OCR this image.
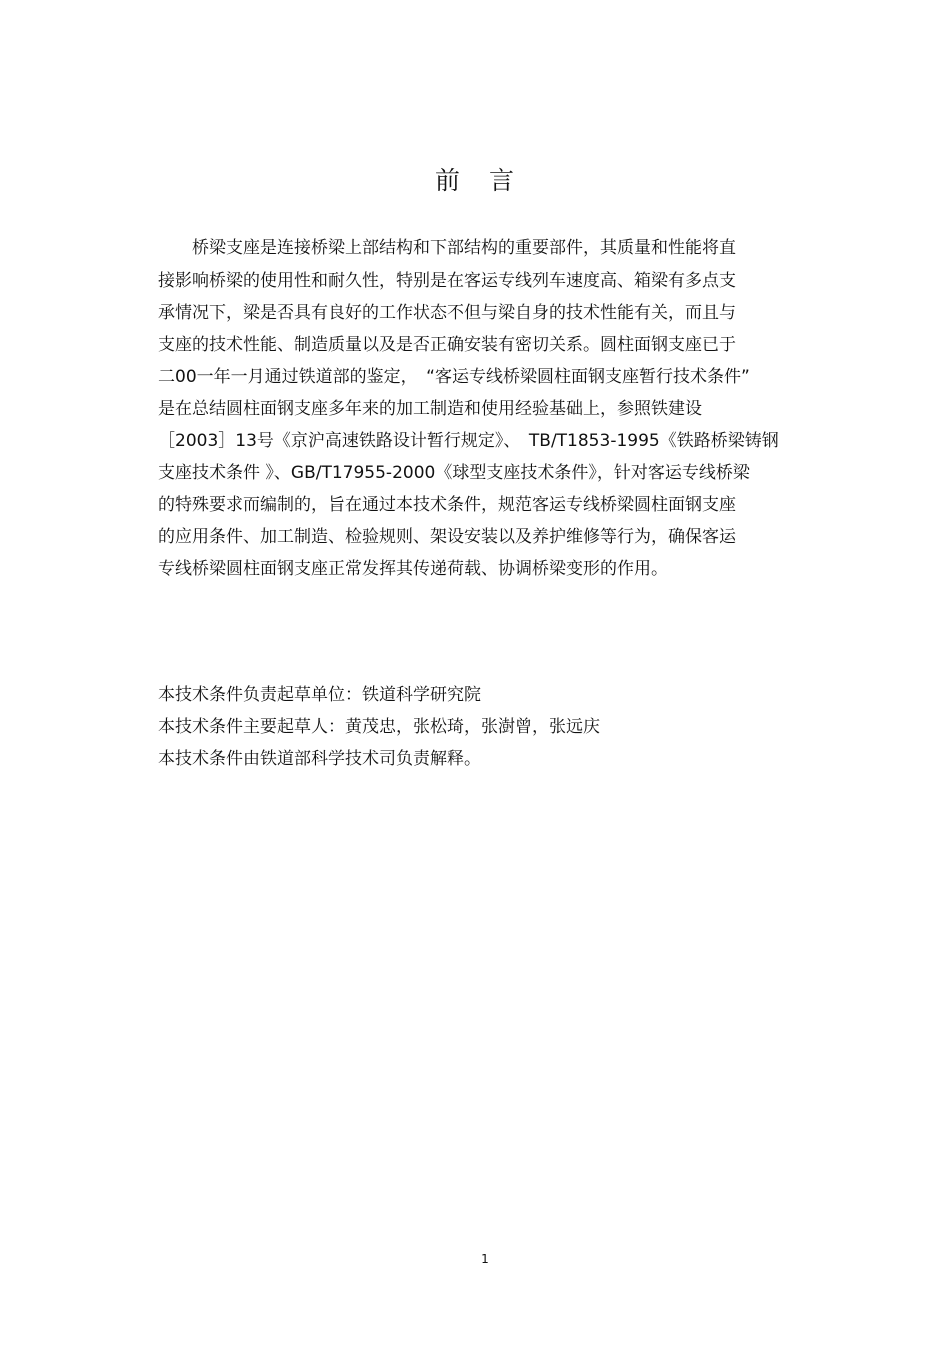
前 言
　　桥梁支座是连接桥梁上部结构和下部结构的重要部件，其质量和性能将直
接影响桥梁的使用性和耐久性，特别是在客运专线列车速度高、箱梁有多点支
承情况下，梁是否具有良好的工作状态不但与梁自身的技术性能有关，而且与
支座的技术性能、制造质量以及是否正确安装有密切关系。圆柱面钢支座已于
二00一年一月通过铁道部的鉴定，　“客运专线桥梁圆柱面钢支座暂行技术条件”
是在总结圆柱面钢支座多年来的加工制造和使用经验基础上，参照铁建设
［2003］13号《京沪高速铁路设计暂行规定》、　TB/T1853-1995《铁路桥梁铸钢
支座技术条件 》、GB/T17955-2000《球型支座技术条件》，针对客运专线桥梁
的特殊要求而编制的，旨在通过本技术条件，规范客运专线桥梁圆柱面钢支座
的应用条件、加工制造、检验规则、架设安装以及养护维修等行为，确保客运
专线桥梁圆柱面钢支座正常发挥其传递荷载、协调桥梁变形的作用。
本技术条件负责起草单位：铁道科学研究院
本技术条件主要起草人：黄茂忠，张松琦，张澍曾，张远庆
本技术条件由铁道部科学技术司负责解释。
1
